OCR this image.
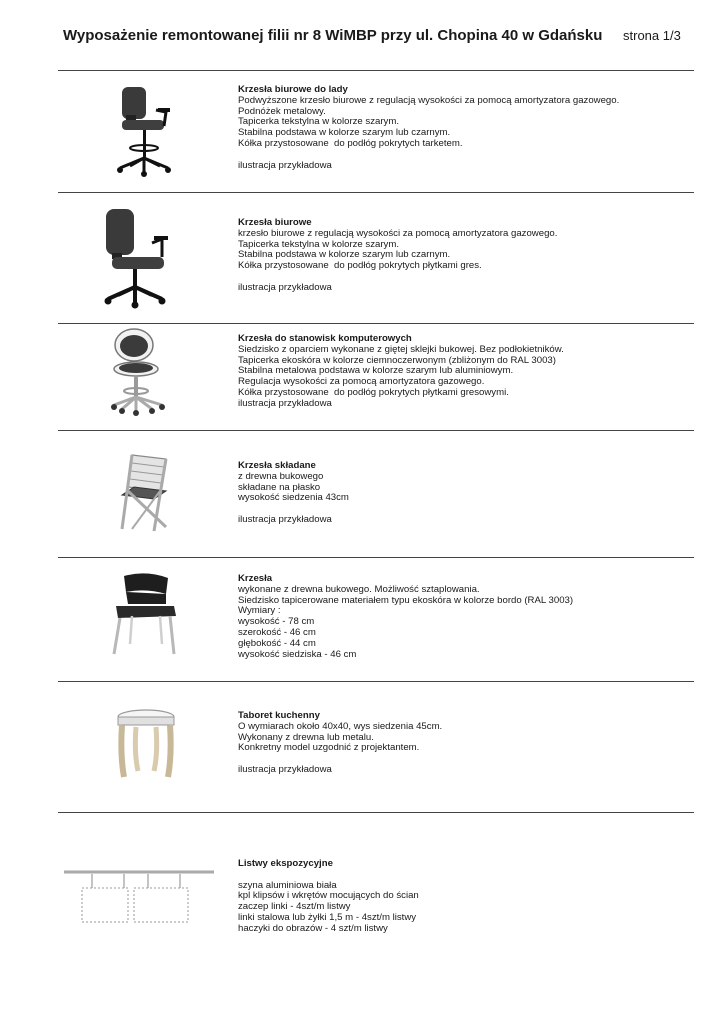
Wyposażenie remontowanej filii nr 8 WiMBP przy ul. Chopina 40 w Gdańsku strona 1/3
Krzesła biurowe do lady
Podwyższone krzesło biurowe z regulacją wysokości za pomocą amortyzatora gazowego.
Podnóżek metalowy.
Tapicerka tekstylna w kolorze szarym.
Stabilna podstawa w kolorze szarym lub czarnym.
Kółka przystosowane  do podłóg pokrytych tarketem.
ilustracja przykładowa
Krzesła biurowe
krzesło biurowe z regulacją wysokości za pomocą amortyzatora gazowego.
Tapicerka tekstylna w kolorze szarym.
Stabilna podstawa w kolorze szarym lub czarnym.
Kółka przystosowane  do podłóg pokrytych płytkami gres.
ilustracja przykładowa
Krzesła do stanowisk komputerowych
Siedzisko z oparciem wykonane z giętej sklejki bukowej. Bez podłokietników.
Tapicerka ekoskóra w kolorze ciemnoczerwonym (zbliżonym do RAL 3003)
Stabilna metalowa podstawa w kolorze szarym lub aluminiowym.
Regulacja wysokości za pomocą amortyzatora gazowego.
Kółka przystosowane  do podłóg pokrytych płytkami gresowymi.
ilustracja przykładowa
Krzesła składane
z drewna bukowego
składane na płasko
wysokość siedzenia 43cm
ilustracja przykładowa
Krzesła
wykonane z drewna bukowego. Możliwość sztaplowania.
Siedzisko tapicerowane materiałem typu ekoskóra w kolorze bordo (RAL 3003)
Wymiary :
wysokość - 78 cm
szerokość - 46 cm
głębokość - 44 cm
wysokość siedziska - 46 cm
Taboret kuchenny
O wymiarach około 40x40, wys siedzenia 45cm.
Wykonany z drewna lub metalu.
Konkretny model uzgodnić z projektantem.
ilustracja przykładowa
Listwy ekspozycyjne
szyna aluminiowa biała
kpl klipsów i wkrętów mocujących do ścian
zaczep linki - 4szt/m listwy
linki stalowa lub żyłki 1,5 m - 4szt/m listwy
haczyki do obrazów - 4 szt/m listwy
